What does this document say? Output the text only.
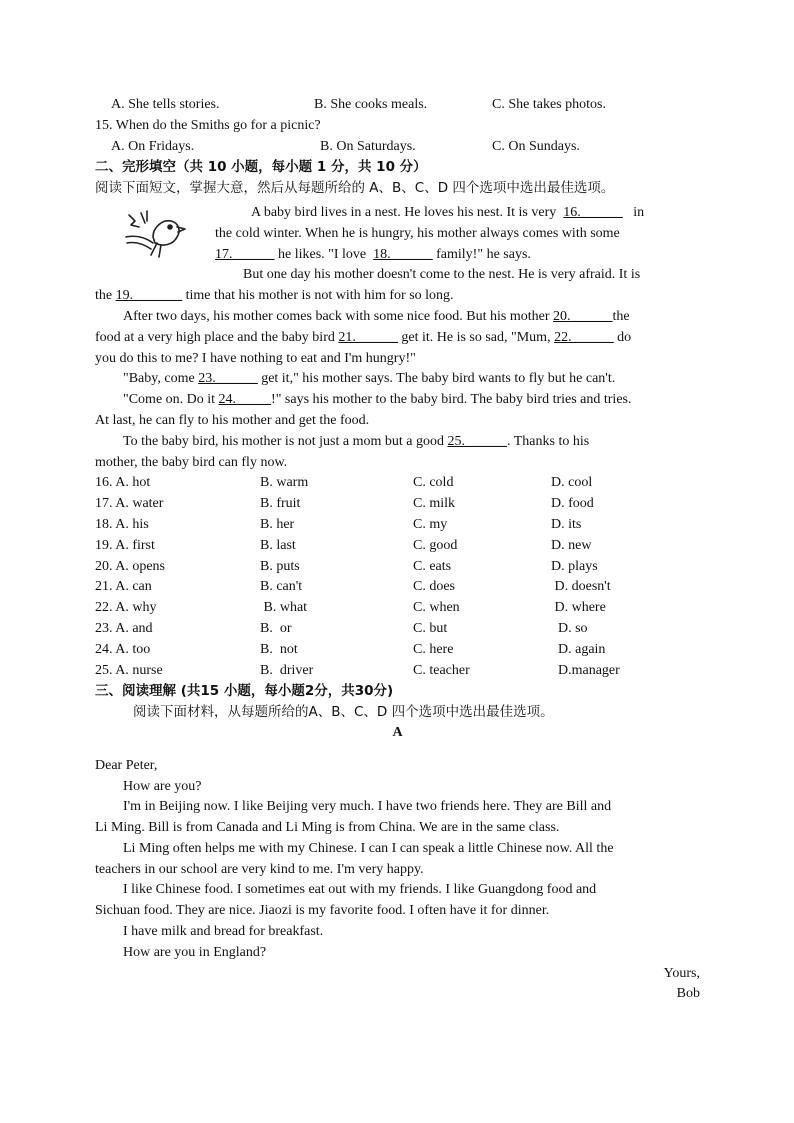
A. She tells stories.	B. She cooks meals.	C. She takes photos.
15. When do the Smiths go for a picnic?
A. On Fridays.	B. On Saturdays.	C. On Sundays.
二、完形填空（共 10 小题，每小题 1 分，共 10 分）
阅读下面短文，掌握大意，然后从每题所给的 A、B、C、D 四个选项中选出最佳选项。
A baby bird lives in a nest. He loves his nest. It is very 16.______ in
the cold winter. When he is hungry, his mother always comes with some
17.______ he likes. "I love 18.______ family!" he says.
But one day his mother doesn't come to the nest. He is very afraid. It is
the 19._______ time that his mother is not with him for so long.
After two days, his mother comes back with some nice food. But his mother 20.______the
food at a very high place and the baby bird 21.______ get it. He is so sad, "Mum, 22.______ do
you do this to me? I have nothing to eat and I'm hungry!"
"Baby, come 23.______ get it," his mother says. The baby bird wants to fly but he can't.
"Come on. Do it 24._____!" says his mother to the baby bird. The baby bird tries and tries.
At last, he can fly to his mother and get the food.
To the baby bird, his mother is not just a mom but a good 25.______. Thanks to his
mother, the baby bird can fly now.
16. A. hot	B. warm	C. cold	D. cool
17. A. water	B. fruit	C. milk	D. food
18. A. his	B. her	C. my	D. its
19. A. first	B. last	C. good	D. new
20. A. opens	B. puts	C. eats	D. plays
21. A. can	B. can't	C. does	D. doesn't
22. A. why	B. what	C. when	D. where
23. A. and	B.  or	C. but	D. so
24. A. too	B.  not	C. here	D. again
25. A. nurse	B.  driver	C. teacher	D.manager
三、阅读理解 (共15 小题，每小题2分，共30分)
阅读下面材料，从每题所给的A、B、C、D 四个选项中选出最佳选项。
A
Dear Peter,
How are you?
I'm in Beijing now. I like Beijing very much. I have two friends here. They are Bill and
Li Ming. Bill is from Canada and Li Ming is from China. We are in the same class.
Li Ming often helps me with my Chinese. I can I can speak a little Chinese now. All the
teachers in our school are very kind to me. I'm very happy.
I like Chinese food. I sometimes eat out with my friends. I like Guangdong food and
Sichuan food. They are nice. Jiaozi is my favorite food. I often have it for dinner.
I have milk and bread for breakfast.
How are you in England?
Yours,
Bob
